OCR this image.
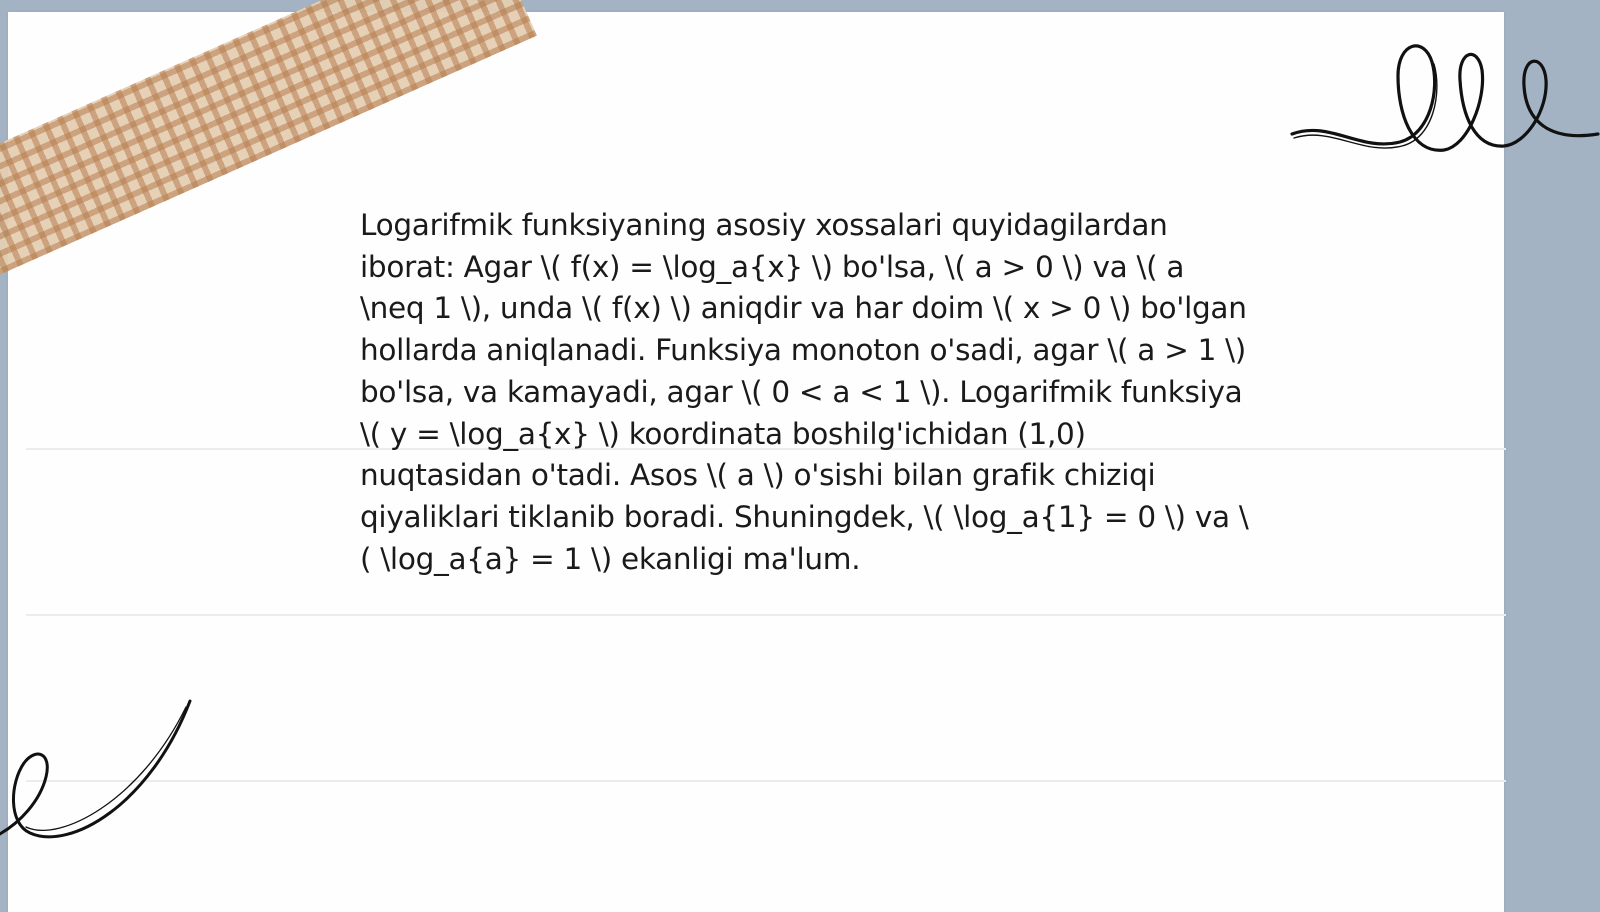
Logarifmik funksiyaning asosiy xossalari quyidagilardan iborat: Agar \( f(x) = \log_a{x} \) bo'lsa, \( a > 0 \) va \( a \neq 1 \), unda \( f(x) \) aniqdir va har doim \( x > 0 \) bo'lgan hollarda aniqlanadi. Funksiya monoton o'sadi, agar \( a > 1 \) bo'lsa, va kamayadi, agar \( 0 < a < 1 \). Logarifmik funksiya \( y = \log_a{x} \) koordinata boshilg'ichidan (1,0) nuqtasidan o'tadi. Asos \( a \) o'sishi bilan grafik chiziqi qiyaliklari tiklanib boradi. Shuningdek, \( \log_a{1} = 0 \) va \( \log_a{a} = 1 \) ekanligi ma'lum.
